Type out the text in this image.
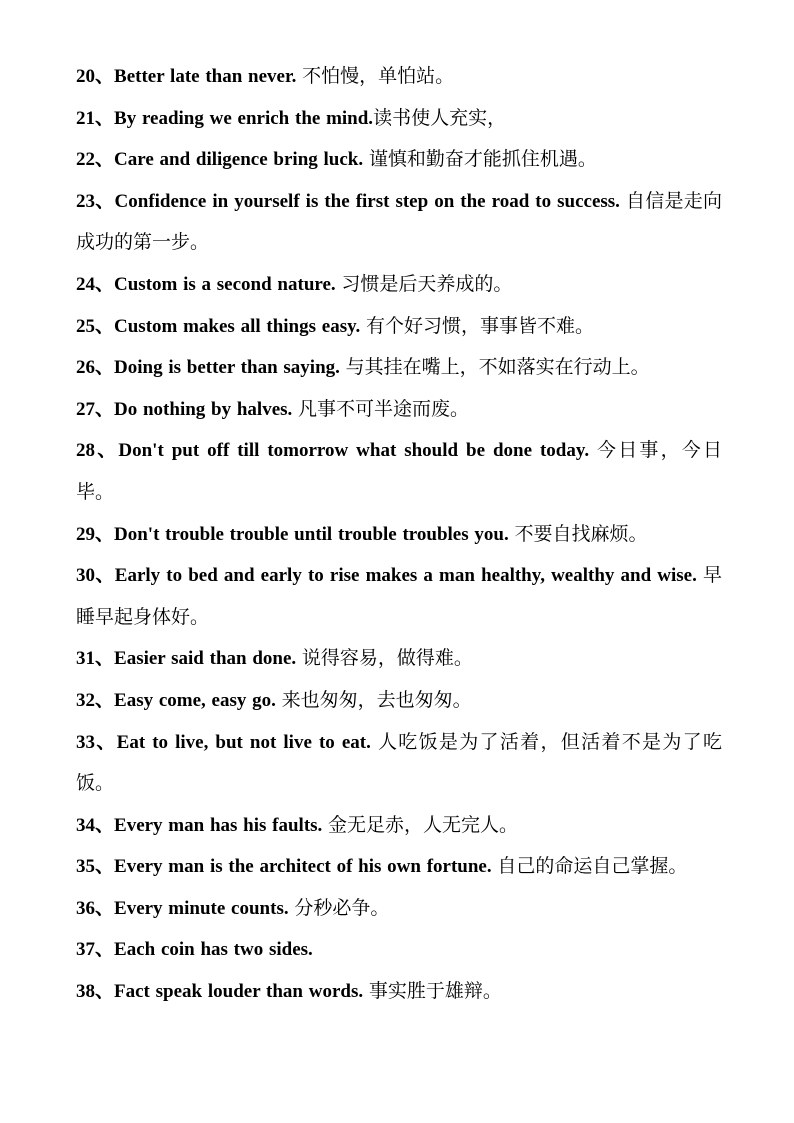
20、Better late than never. 不怕慢，单怕站。
21、By reading we enrich the mind.读书使人充实，
22、Care and diligence bring luck. 谨慎和勤奋才能抓住机遇。
23、Confidence in yourself is the first step on the road to success. 自信是走向成功的第一步。
24、Custom is a second nature. 习惯是后天养成的。
25、Custom makes all things easy. 有个好习惯，事事皆不难。
26、Doing is better than saying. 与其挂在嘴上，不如落实在行动上。
27、Do nothing by halves. 凡事不可半途而废。
28、Don't put off till tomorrow what should be done today. 今日事，今日毕。
29、Don't trouble trouble until trouble troubles you. 不要自找麻烦。
30、Early to bed and early to rise makes a man healthy, wealthy and wise. 早睡早起身体好。
31、Easier said than done. 说得容易，做得难。
32、Easy come, easy go. 来也匆匆，去也匆匆。
33、Eat to live, but not live to eat. 人吃饭是为了活着，但活着不是为了吃饭。
34、Every man has his faults. 金无足赤，人无完人。
35、Every man is the architect of his own fortune. 自己的命运自己掌握。
36、Every minute counts. 分秒必争。
37、Each coin has two sides.
38、Fact speak louder than words. 事实胜于雄辩。
